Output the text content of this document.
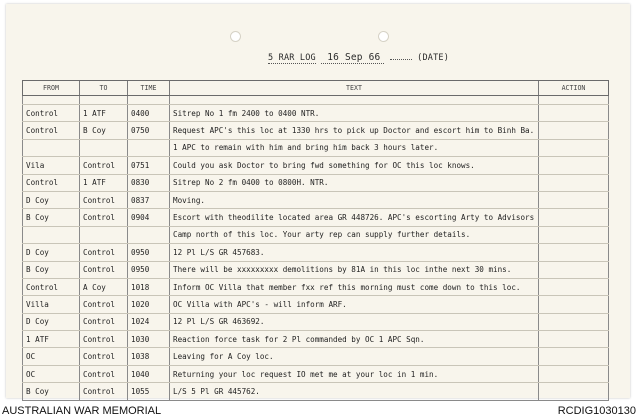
5 RAR LOG 16 Sep 66	(DATE)
FROM	TO	TIME	TEXT	ACTION

Control	1 ATF	0400	Sitrep No 1 fm 2400 to 0400 NTR.	
Control	B Coy	0750	Request APC's this loc at 1330 hrs to pick up Doctor and escort him to Binh Ba.	
			1 APC to remain with him and bring him back 3 hours later.	
Vila	Control	0751	Could you ask Doctor to bring fwd something for OC this loc knows.	
Control	1 ATF	0830	Sitrep No 2 fm 0400 to 0800H. NTR.	
D Coy	Control	0837	Moving.	
B Coy	Control	0904	Escort with theodilite located area GR 448726. APC's escorting Arty to Advisors	
			Camp north of this loc. Your arty rep can supply further details.	
D Coy	Control	0950	12 Pl L/S GR 457683.	
B Coy	Control	0950	There will be xxxxxxxxx demolitions by 81A in this loc inthe next 30 mins.	
Control	A Coy	1018	Inform OC Villa that member fxx ref this morning must come down to this loc.	
Villa	Control	1020	OC Villa with APC's - will inform ARF.	
D Coy	Control	1024	12 Pl L/S GR 463692.	
1 ATF	Control	1030	Reaction force task for 2 Pl commanded by OC 1 APC Sqn.	
OC	Control	1038	Leaving for A Coy loc.	
OC	Control	1040	Returning your loc request IO met me at your loc in 1 min.	
B Coy	Control	1055	L/S 5 Pl GR 445762.	
AUSTRALIAN WAR MEMORIAL	RCDIG1030130
